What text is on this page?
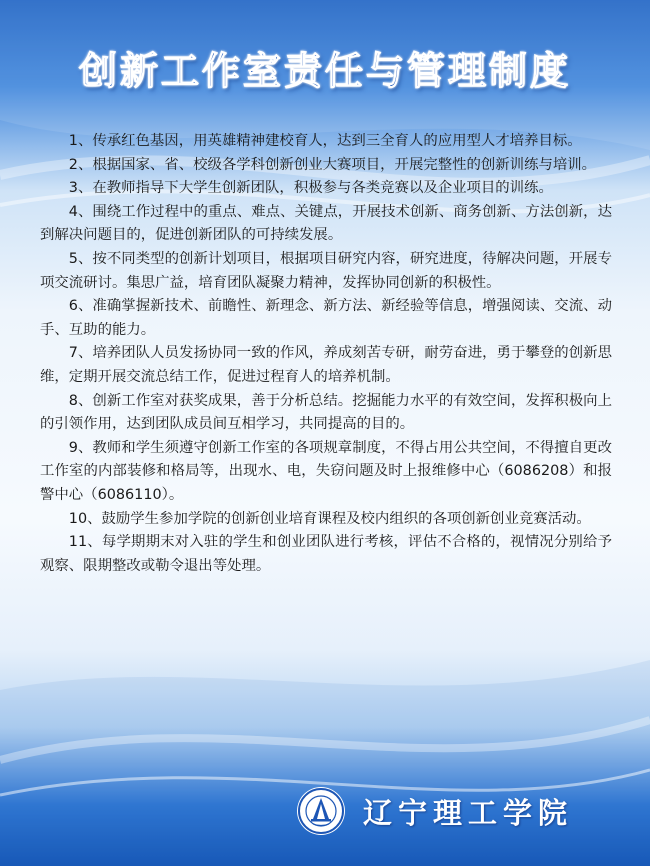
创新工作室责任与管理制度

1、传承红色基因，用英雄精神建校育人，达到三全育人的应用型人才培养目标。

2、根据国家、省、校级各学科创新创业大赛项目，开展完整性的创新训练与培训。

3、在教师指导下大学生创新团队，积极参与各类竞赛以及企业项目的训练。

4、围绕工作过程中的重点、难点、关键点，开展技术创新、商务创新、方法创新，达到解决问题目的，促进创新团队的可持续发展。

5、按不同类型的创新计划项目，根据项目研究内容，研究进度，待解决问题，开展专项交流研讨。集思广益，培育团队凝聚力精神，发挥协同创新的积极性。

6、准确掌握新技术、前瞻性、新理念、新方法、新经验等信息，增强阅读、交流、动手、互助的能力。

7、培养团队人员发扬协同一致的作风，养成刻苦专研，耐劳奋进，勇于攀登的创新思维，定期开展交流总结工作，促进过程育人的培养机制。

8、创新工作室对获奖成果，善于分析总结。挖掘能力水平的有效空间，发挥积极向上的引领作用，达到团队成员间互相学习，共同提高的目的。

9、教师和学生须遵守创新工作室的各项规章制度，不得占用公共空间，不得擅自更改工作室的内部装修和格局等，出现水、电，失窃问题及时上报维修中心（6086208）和报警中心（6086110）。

10、鼓励学生参加学院的创新创业培育课程及校内组织的各项创新创业竞赛活动。

11、每学期期末对入驻的学生和创业团队进行考核，评估不合格的，视情况分别给予观察、限期整改或勒令退出等处理。

辽宁理工学院
